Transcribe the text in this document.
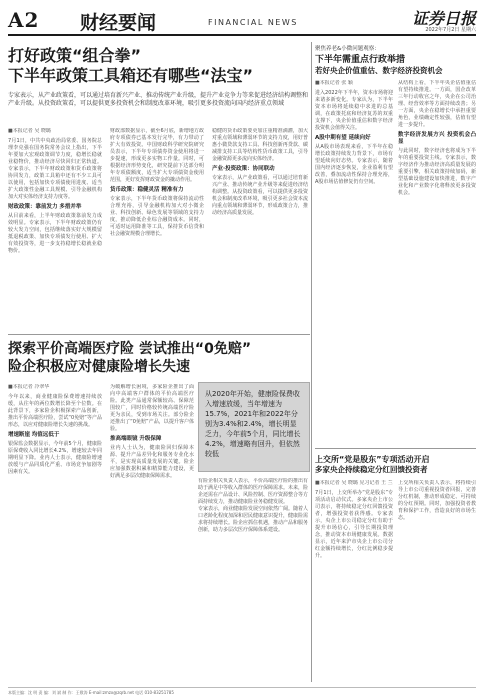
A2 财经要闻	FINANCIAL NEWS	证券日报
2022年7月2日 星期六
打好政策“组合拳”
下半年政策工具箱还有哪些“法宝”
专家表示，从产业政策看，可以通过培育新兴产业、推动传统产业升级，提升产业竞争力等来促进经济结构调整和产业升级。从投资政策看，可以提供更多投资机会和制度改革环境，吸引更多投资流向国内经济重点领域
■本报记者 吴 晓璐

7月1日，中共中央政治局常委、国务院总理李克强在国务院常务会议上指出，下半年要加大宏观政策调节力度，稳增长稳就业稳物价，推动经济尽快回归正常轨道。专家表示，下半年财政政策和货币政策将协同发力，政策工具箱中还有不少工具可以使用，包括加快专项债使用进度、适当扩大政策性金融工具规模、引导金融机构加大对实体经济支持力度等。

财政政策：靠前发力 多措并举

从目前来看，上半年财政政策靠前发力成效明显。专家表示，下半年财政政策仍有较大发力空间，包括继续落实好大规模留抵退税政策、加快专项债发行使用、扩大有效投资等，进一步支持稳增长稳就业稳物价。

财政部数据显示，截至6月底，新增地方政府专项债券已基本发行完毕，有力带动了扩大有效投资。中国财政科学研究院研究员表示，下半年专项债券资金使用将进一步提速，形成更多实物工作量。同时，可根据经济形势变化，研究提前下达部分明年专项债额度，适当扩大专项债资金使用范围，更好发挥财政资金的撬动作用。

货币政策：稳健灵活 精准有力

专家表示，下半年货币政策将保持流动性合理充裕，引导金融机构加大对小微企业、科技创新、绿色发展等领域的支持力度，推动降低企业综合融资成本。同时，可适时运用降准等工具，保持货币信贷和社会融资规模合理增长。

稳健的货币政策要更加注重精准滴灌，加大对重点领域和薄弱环节的支持力度，用好普惠小微贷款支持工具、科技创新再贷款、碳减排支持工具等结构性货币政策工具，引导金融资源更多流向实体经济。

产业·投资政策：协同联动

专家表示，从产业政策看，可以通过培育新兴产业、推动传统产业升级等来促进经济结构调整。从投资政策看，可以提供更多投资机会和制度改革环境，吸引更多社会资本流向重点领域和薄弱环节，形成政策合力，推动经济高质量发展。

聚焦养老&小微问题观察：
下半年需重点行政举措
若好央企价值重估、数字经济投资机会
■本报记者 张 颖

进入2022年下半年，资本市场将迎来诸多新变化。专家认为，下半年资本市场将延续稳中求进的总基调，在政策托底和经济复苏的双重支撑下，央企价值重估和数字经济投资机会值得关注。

A股中期有望 延续向好

从A股市场表现来看，下半年在稳增长政策持续发力背景下，市场有望延续向好态势。专家表示，随着国内经济逐步恢复，企业盈利有望改善，叠加流动性保持合理充裕，A股市场估值修复仍有空间。

从结构上看，下半年央企估值重估有望持续推进。一方面，国企改革三年行动收官之年，央企在公司治理、经营效率等方面持续改善；另一方面，央企在稳增长中承担重要角色，业绩确定性较强，估值有望进一步提升。

数字经济发展方兴 投资机会凸显

与此同时，数字经济也将成为下半年的重要投资主线。专家表示，数字经济作为推动经济高质量发展的重要引擎，相关政策持续加码，新型基础设施建设加快推进，数字产业化和产业数字化将释放更多投资机会。

探索平价高端医疗险 尝试推出“0免赔”
险企积极应对健康险增长失速
■本报记者 冷翠华

今年以来，商业健康险保费增速持续放缓，从往年的两位数增长降至个位数。在此背景下，多家险企积极探索产品创新，推出平价高端医疗险，尝试“0免赔”等产品形态，以应对健康险增长失速的挑战。

增速断崖 均值远低于

银保监会数据显示，今年前5个月，健康险原保费收入同比增长4.2%，增速较去年同期明显下降。业内人士表示，健康险增速放缓与产品同质化严重、市场竞争加剧等因素有关。

为破解增长困境，多家险企推出了面向中高端客户群体的平价高端医疗险。此类产品通常保额较高、保障范围较广，同时价格较传统高端医疗险更为亲民，受到市场关注。部分险企还推出了“0免赔”产品，以提升客户体验。

推高端眼镜 升级保障

业内人士认为，健康险回归保障本源、提升产品差异化和服务专业化水平，是实现高质量发展的关键。险企应加强数据积累和精算能力建设，更好满足多层次健康保障需求。

从2020年开始，健康险保费收入增速放缓，当年增速为15.7%，2021年和2022年分别为3.4%和2.4%，增长明显乏力，今年前5个月，同比增长4.2%，增速略有回升，但依然较低

有险企相关负责人表示，平价高端医疗险的推出有助于满足中等收入群体的医疗保障需求。未来，险企还需在产品设计、风险控制、医疗资源整合等方面持续发力，推动健康险业务稳健发展。

专家表示，商业健康险发展空间依然广阔。随着人口老龄化程度加深和居民健康意识提升，健康险需求将持续增长。险企应抓住机遇，推动产品和服务创新，助力多层次医疗保障体系建设。

上交所“党是股东”专项活动开启
多家央企持续稳定分红回馈投资者
■本报记者 吴 晓璐 见习记者 王 兰

7月1日，上交所举办“党是股东”专项活动启动仪式。多家央企上市公司表示，将持续稳定分红回馈投资者，增强投资者获得感。专家表示，央企上市公司稳定分红有助于提升市场信心，引导长期投资理念，推动资本市场健康发展。数据显示，近年来沪市央企上市公司分红金额持续增长，分红比例稳步提升。

上交所相关负责人表示，将持续引导上市公司重视投资者回报，完善分红机制，推动形成稳定、可持续的分红预期。同时，加强投资者教育和保护工作，营造良好的市场生态。

本版主编：沈 明 责 编：刘 斌 制 作：王敬涛 E-mail:zmzx@zqrb.net 电话 010-83251785
